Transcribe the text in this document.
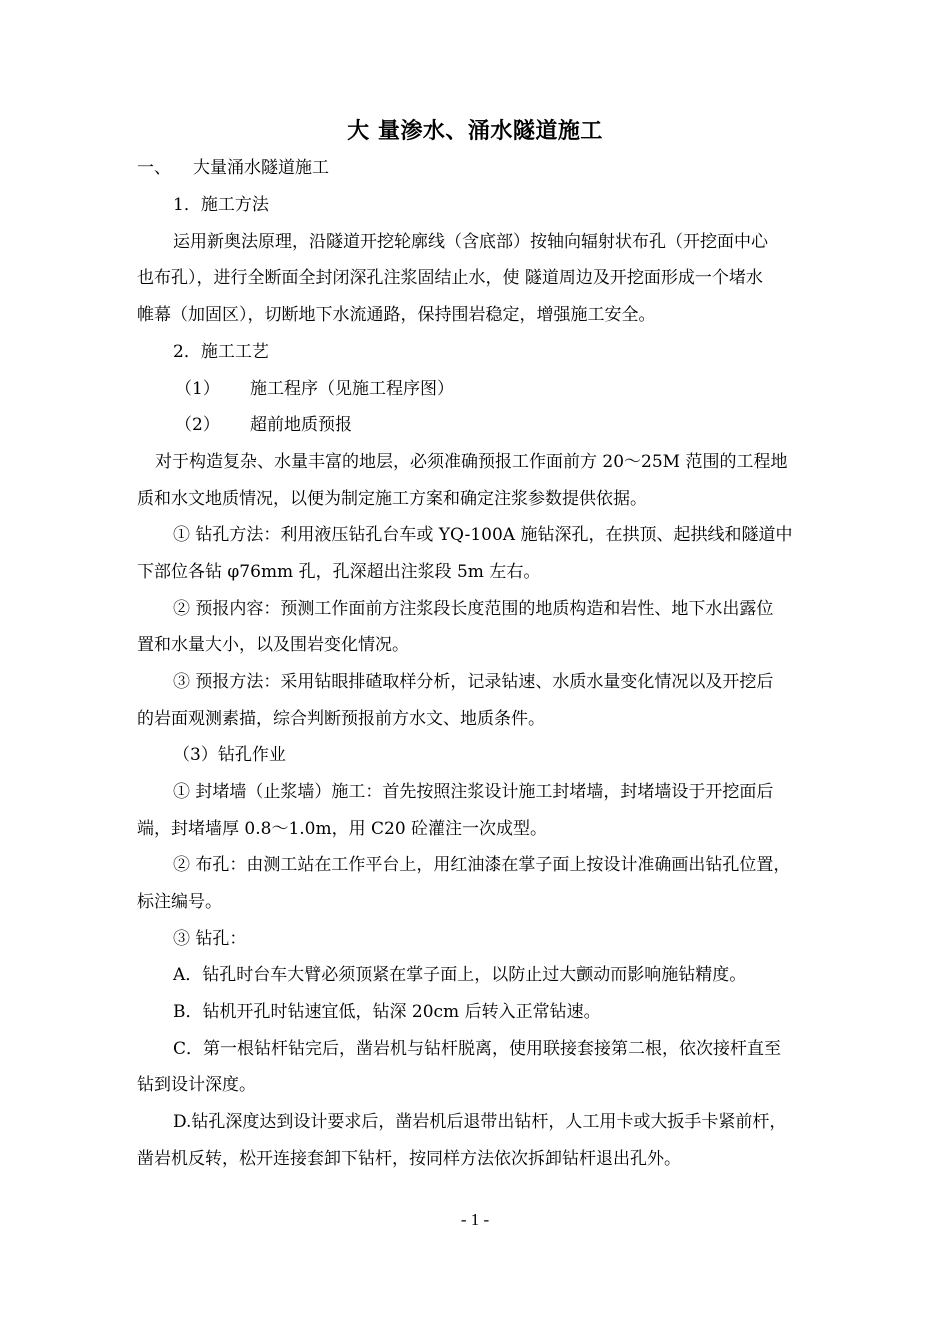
大 量渗水、涌水隧道施工
一、 大量涌水隧道施工
1．施工方法
运用新奥法原理，沿隧道开挖轮廓线（含底部）按轴向辐射状布孔（开挖面中心
也布孔），进行全断面全封闭深孔注浆固结止水，使 隧道周边及开挖面形成一个堵水
帷幕（加固区），切断地下水流通路，保持围岩稳定，增强施工安全。
2．施工工艺
（1） 施工程序（见施工程序图）
（2） 超前地质预报
对于构造复杂、水量丰富的地层，必须准确预报工作面前方 20～25M 范围的工程地
质和水文地质情况，以便为制定施工方案和确定注浆参数提供依据。
① 钻孔方法：利用液压钻孔台车或 YQ-100A 施钻深孔，在拱顶、起拱线和隧道中
下部位各钻 φ76mm 孔，孔深超出注浆段 5m 左右。
② 预报内容：预测工作面前方注浆段长度范围的地质构造和岩性、地下水出露位
置和水量大小，以及围岩变化情况。
③ 预报方法：采用钻眼排碴取样分析，记录钻速、水质水量变化情况以及开挖后
的岩面观测素描，综合判断预报前方水文、地质条件。
（3）钻孔作业
① 封堵墙（止浆墙）施工：首先按照注浆设计施工封堵墙，封堵墙设于开挖面后
端，封堵墙厚 0.8～1.0m，用 C20 砼灌注一次成型。
② 布孔：由测工站在工作平台上，用红油漆在掌子面上按设计准确画出钻孔位置，
标注编号。
③ 钻孔：
A．钻孔时台车大臂必须顶紧在掌子面上，以防止过大颤动而影响施钻精度。
B．钻机开孔时钻速宜低，钻深 20cm 后转入正常钻速。
C．第一根钻杆钻完后，凿岩机与钻杆脱离，使用联接套接第二根，依次接杆直至
钻到设计深度。
D.钻孔深度达到设计要求后，凿岩机后退带出钻杆，人工用卡或大扳手卡紧前杆，
凿岩机反转，松开连接套卸下钻杆，按同样方法依次拆卸钻杆退出孔外。
- 1 -
